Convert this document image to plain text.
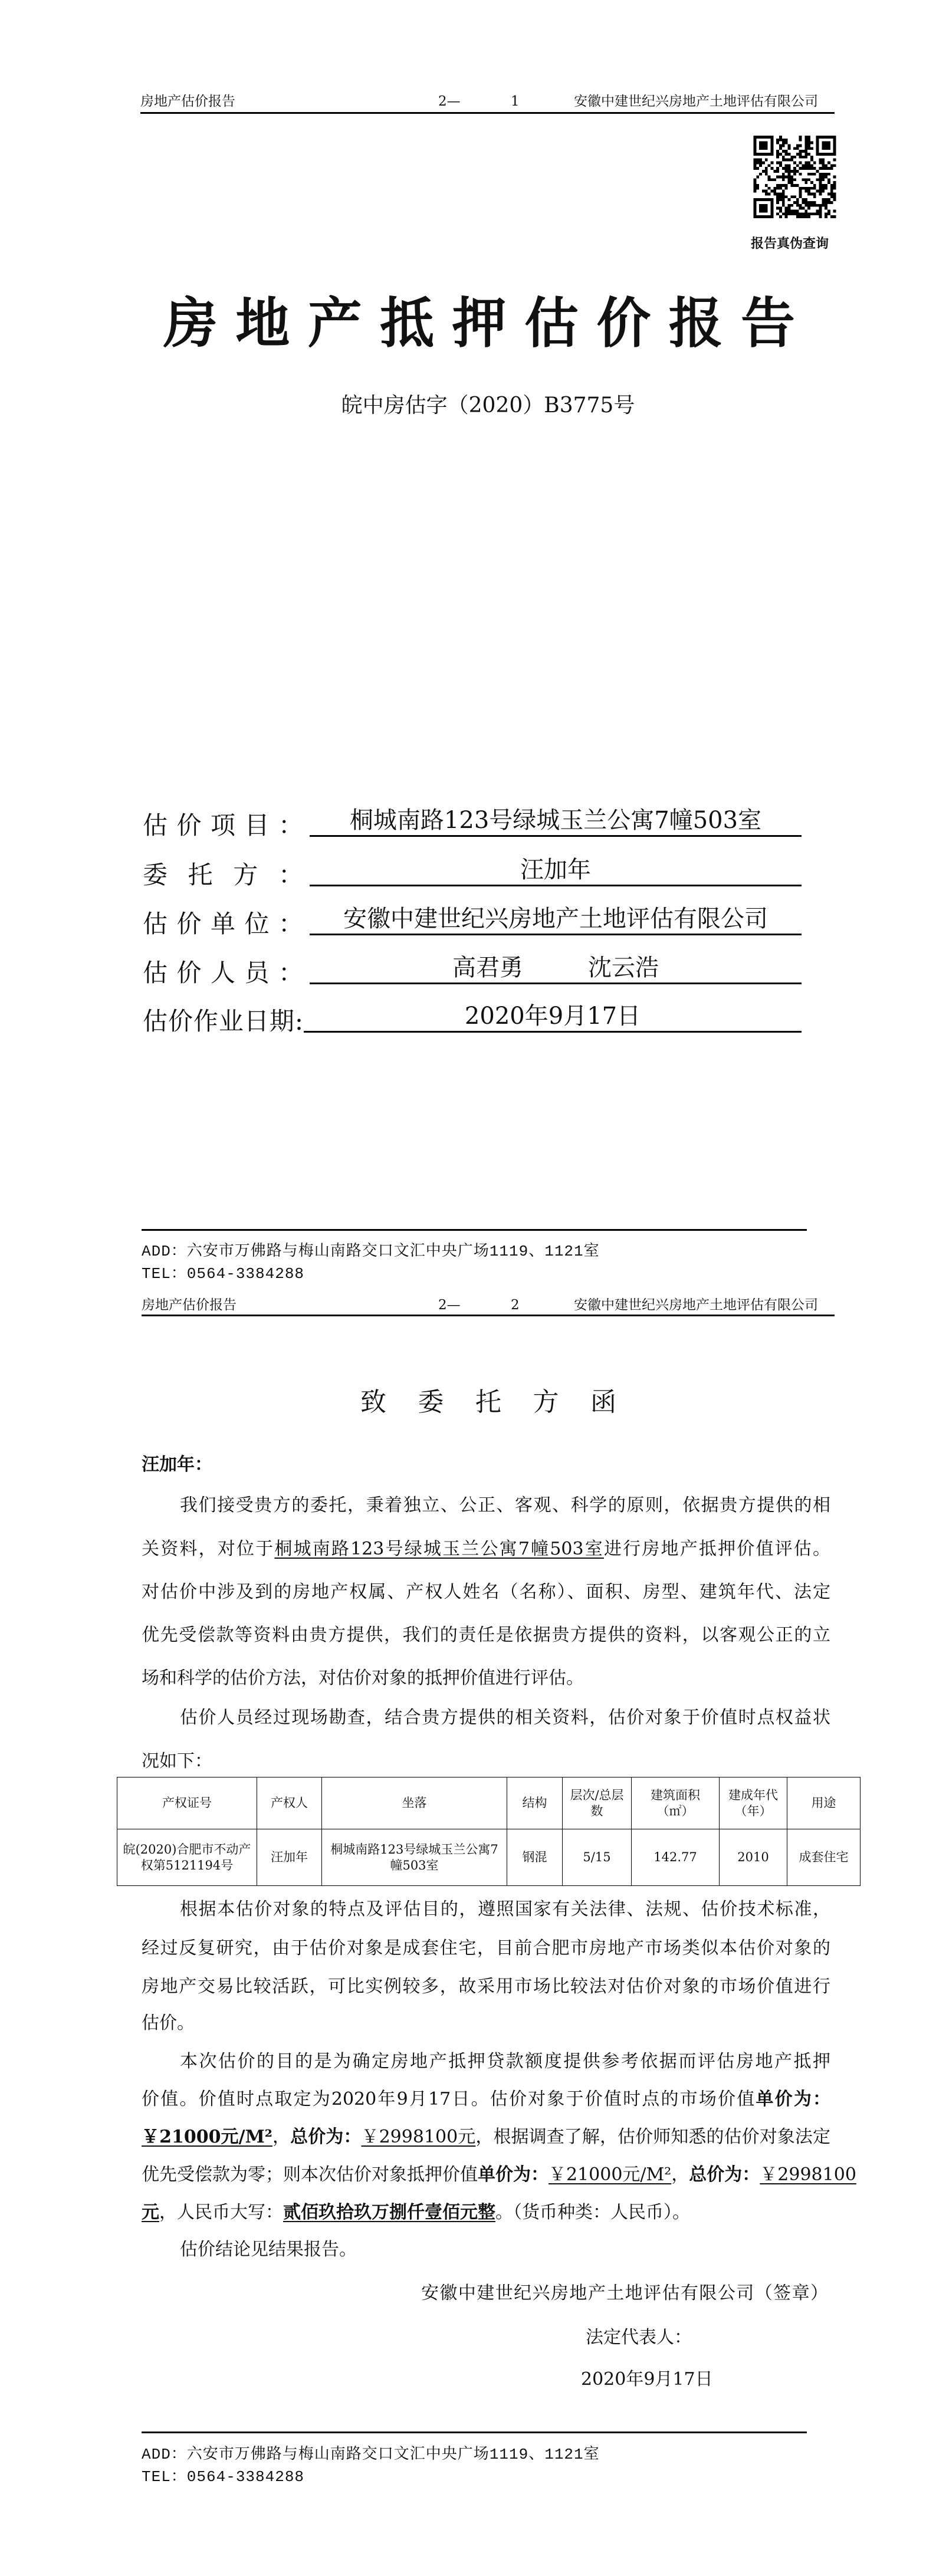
房地产估价报告	2—	1	安徽中建世纪兴房地产土地评估有限公司
报告真伪查询
房地产抵押估价报告
皖中房估字（2020）B3775号
估价项目：	桐城南路123号绿城玉兰公寓7幢503室
委托方：	汪加年
估价单位：	安徽中建世纪兴房地产土地评估有限公司
估价人员：	高君勇	沈云浩
估价作业日期:	2020年9月17日
ADD：六安市万佛路与梅山南路交口文汇中央广场1119、1121室
TEL：0564-3384288
房地产估价报告	2—	2	安徽中建世纪兴房地产土地评估有限公司
致委托方函
汪加年：
我们接受贵方的委托，秉着独立、公正、客观、科学的原则，依据贵方提供的相
关资料，对位于桐城南路123号绿城玉兰公寓7幢503室进行房地产抵押价值评估。
对估价中涉及到的房地产权属、产权人姓名（名称）、面积、房型、建筑年代、法定
优先受偿款等资料由贵方提供，我们的责任是依据贵方提供的资料，以客观公正的立
场和科学的估价方法，对估价对象的抵押价值进行评估。
估价人员经过现场勘查，结合贵方提供的相关资料，估价对象于价值时点权益状
况如下：
产权证号	产权人	坐落	结构	层次/总层数	建筑面积（㎡）	建成年代（年）	用途
皖(2020)合肥市不动产权第5121194号	汪加年	桐城南路123号绿城玉兰公寓7幢503室	钢混	5/15	142.77	2010	成套住宅
根据本估价对象的特点及评估目的，遵照国家有关法律、法规、估价技术标准，
经过反复研究，由于估价对象是成套住宅，目前合肥市房地产市场类似本估价对象的
房地产交易比较活跃，可比实例较多，故采用市场比较法对估价对象的市场价值进行
估价。
本次估价的目的是为确定房地产抵押贷款额度提供参考依据而评估房地产抵押
价值。价值时点取定为2020年9月17日。估价对象于价值时点的市场价值单价为：
￥21000元/M²，总价为：￥2998100元，根据调查了解，估价师知悉的估价对象法定
优先受偿款为零；则本次估价对象抵押价值单价为：￥21000元/M²，总价为：￥2998100
元，人民币大写：贰佰玖拾玖万捌仟壹佰元整。（货币种类：人民币）。
估价结论见结果报告。
安徽中建世纪兴房地产土地评估有限公司（签章）
法定代表人：
2020年9月17日
ADD：六安市万佛路与梅山南路交口文汇中央广场1119、1121室
TEL：0564-3384288
